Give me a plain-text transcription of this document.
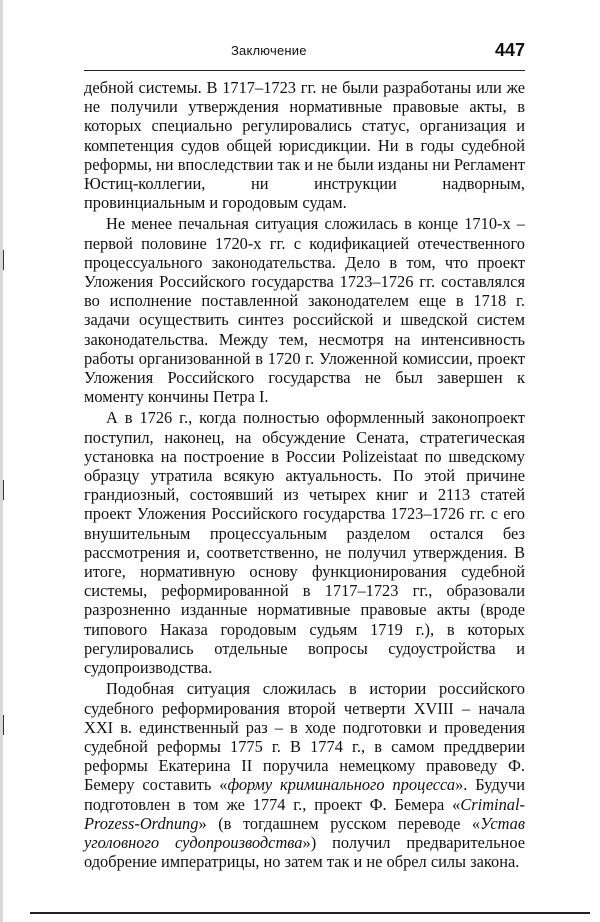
Заключение	447

дебной системы. В 1717–1723 гг. не были разработаны или же не получили утверждения нормативные правовые акты, в которых специально регулировались статус, организация и компетенция судов общей юрисдикции. Ни в годы судебной реформы, ни впоследствии так и не были изданы ни Регламент Юстиц-коллегии, ни инструкции надворным, провинциальным и городовым судам.

Не менее печальная ситуация сложилась в конце 1710-х – первой половине 1720-х гг. с кодификацией отечественного процессуального законодательства. Дело в том, что проект Уложения Российского государства 1723–1726 гг. составлялся во исполнение поставленной законодателем еще в 1718 г. задачи осуществить синтез российской и шведской систем законодательства. Между тем, несмотря на интенсивность работы организованной в 1720 г. Уложенной комиссии, проект Уложения Российского государства не был завершен к моменту кончины Петра I.

А в 1726 г., когда полностью оформленный законопроект поступил, наконец, на обсуждение Сената, стратегическая установка на построение в России Polizeistaat по шведскому образцу утратила всякую актуальность. По этой причине грандиозный, состоявший из четырех книг и 2113 статей проект Уложения Российского государства 1723–1726 гг. с его внушительным процессуальным разделом остался без рассмотрения и, соответственно, не получил утверждения. В итоге, нормативную основу функционирования судебной системы, реформированной в 1717–1723 гг., образовали разрозненно изданные нормативные правовые акты (вроде типового Наказа городовым судьям 1719 г.), в которых регулировались отдельные вопросы судоустройства и судопроизводства.

Подобная ситуация сложилась в истории российского судебного реформирования второй четверти XVIII – начала XXI в. единственный раз – в ходе подготовки и проведения судебной реформы 1775 г. В 1774 г., в самом преддверии реформы Екатерина II поручила немецкому правоведу Ф. Бемеру составить «форму криминального процесса». Будучи подготовлен в том же 1774 г., проект Ф. Бемера «Criminal-Prozess-Ordnung» (в тогдашнем русском переводе «Устав уголовного судопроизводства») получил предварительное одобрение императрицы, но затем так и не обрел силы закона.
